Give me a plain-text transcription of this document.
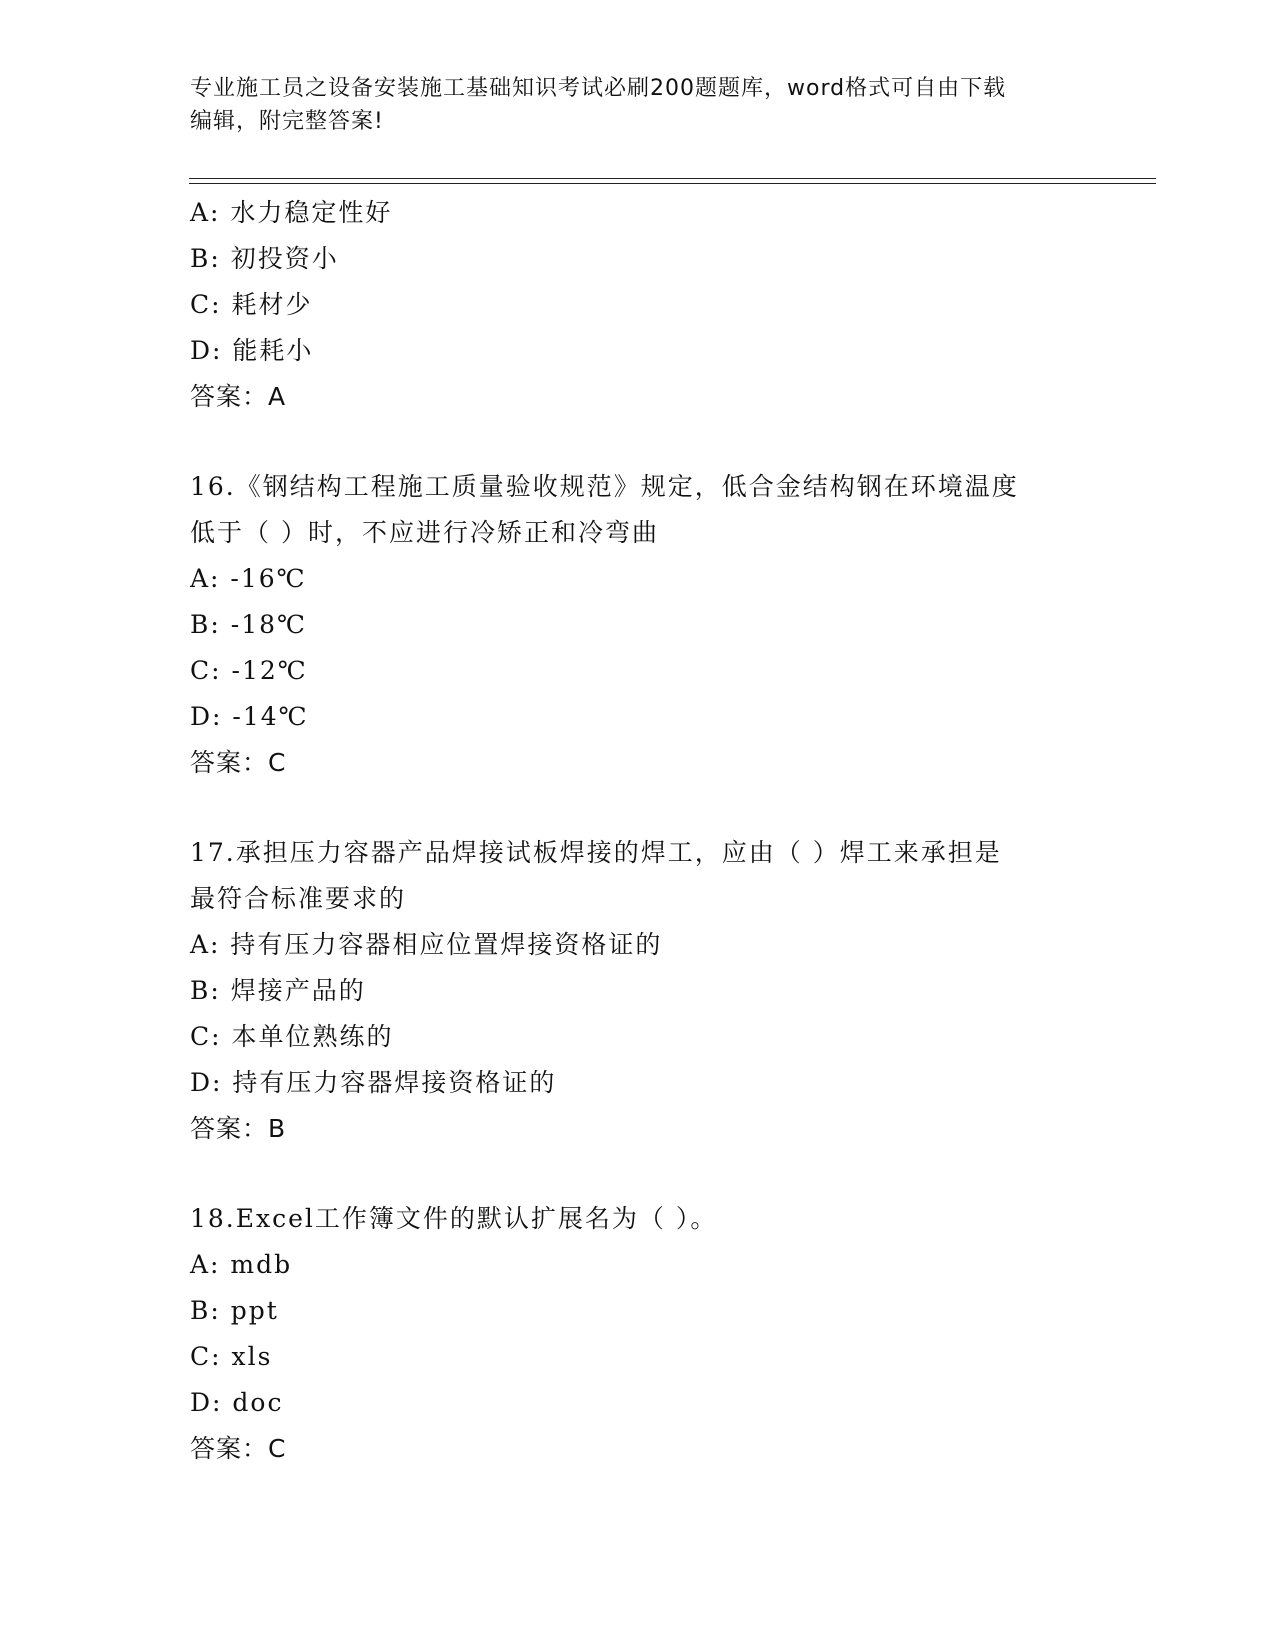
专业施工员之设备安装施工基础知识考试必刷200题题库，word格式可自由下载
编辑，附完整答案!
A: 水力稳定性好
B: 初投资小
C: 耗材少
D: 能耗小
答案：A
16.《钢结构工程施工质量验收规范》规定，低合金结构钢在环境温度
低于（ ）时，不应进行冷矫正和冷弯曲
A: -16℃
B: -18℃
C: -12℃
D: -14℃
答案：C
17.承担压力容器产品焊接试板焊接的焊工，应由（ ）焊工来承担是
最符合标准要求的
A: 持有压力容器相应位置焊接资格证的
B: 焊接产品的
C: 本单位熟练的
D: 持有压力容器焊接资格证的
答案：B
18.Excel工作簿文件的默认扩展名为（ ）。
A: mdb
B: ppt
C: xls
D: doc
答案：C
